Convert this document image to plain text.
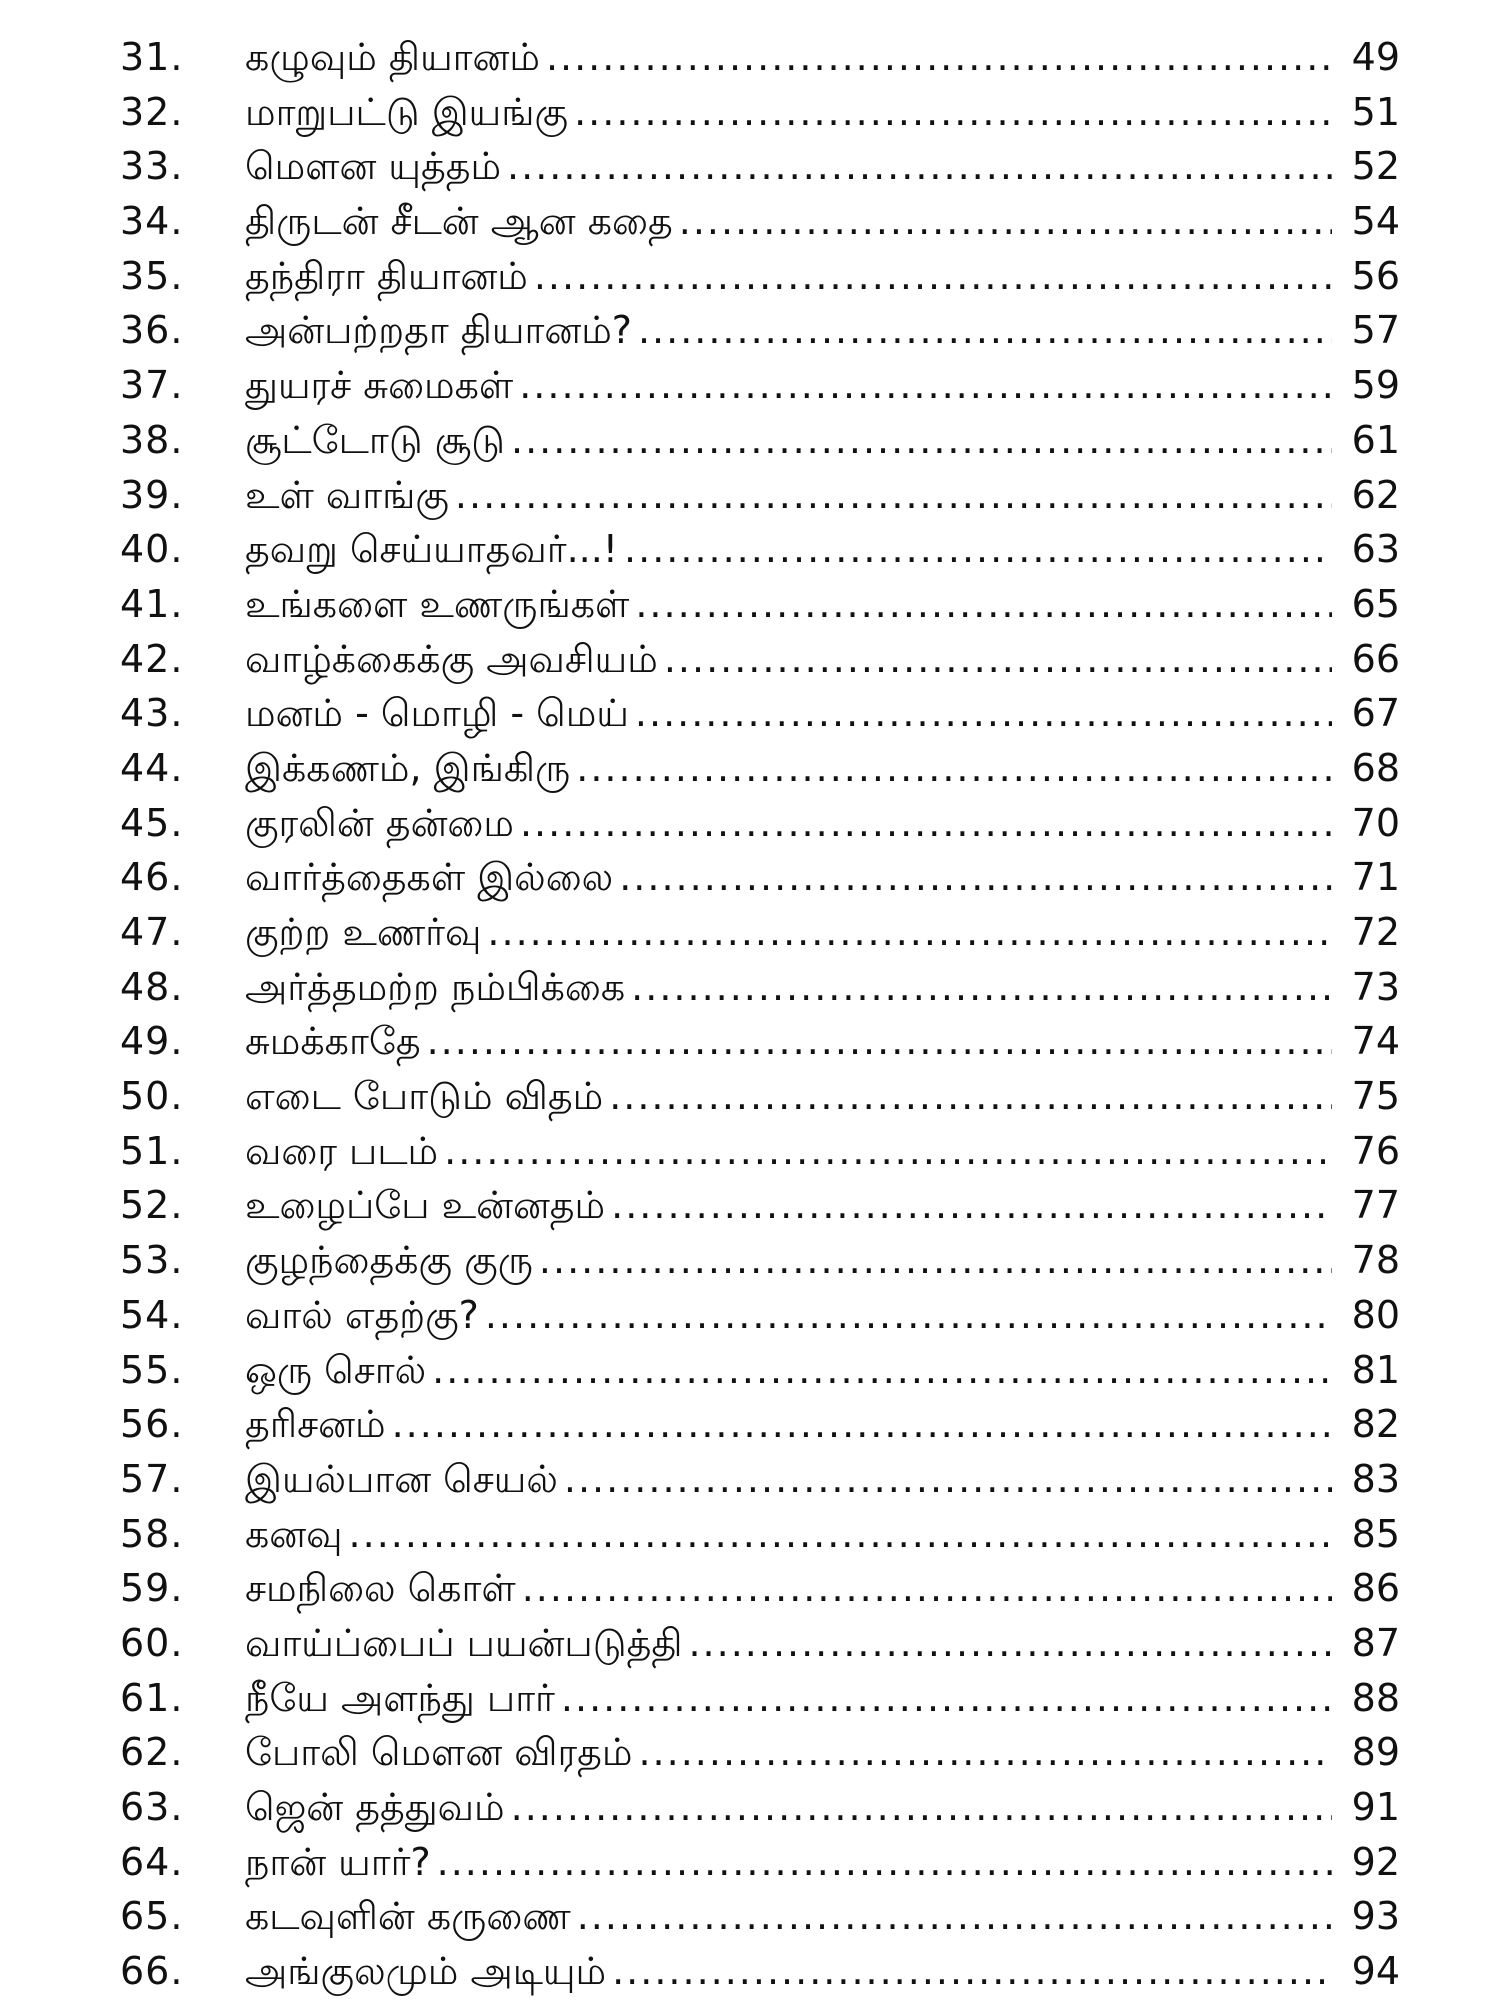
31.	கழுவும் தியானம் .....	49
32.	மாறுபட்டு இயங்கு .....	51
33.	மௌன யுத்தம் .....	52
34.	திருடன் சீடன் ஆன கதை .....	54
35.	தந்திரா தியானம் .....	56
36.	அன்பற்றதா தியானம்? .....	57
37.	துயரச் சுமைகள் .....	59
38.	சூட்டோடு சூடு .....	61
39.	உள் வாங்கு .....	62
40.	தவறு செய்யாதவர்...! .....	63
41.	உங்களை உணருங்கள் .....	65
42.	வாழ்க்கைக்கு அவசியம் .....	66
43.	மனம் - மொழி - மெய் .....	67
44.	இக்கணம், இங்கிரு .....	68
45.	குரலின் தன்மை .....	70
46.	வார்த்தைகள் இல்லை .....	71
47.	குற்ற உணர்வு .....	72
48.	அர்த்தமற்ற நம்பிக்கை .....	73
49.	சுமக்காதே .....	74
50.	எடை போடும் விதம் .....	75
51.	வரை படம் .....	76
52.	உழைப்பே உன்னதம் .....	77
53.	குழந்தைக்கு குரு .....	78
54.	வால் எதற்கு? .....	80
55.	ஒரு சொல் .....	81
56.	தரிசனம் .....	82
57.	இயல்பான செயல் .....	83
58.	கனவு .....	85
59.	சமநிலை கொள் .....	86
60.	வாய்ப்பைப் பயன்படுத்தி .....	87
61.	நீயே அளந்து பார் .....	88
62.	போலி மௌன விரதம் .....	89
63.	ஜென் தத்துவம் .....	91
64.	நான் யார்? .....	92
65.	கடவுளின் கருணை .....	93
66.	அங்குலமும் அடியும் .....	94
